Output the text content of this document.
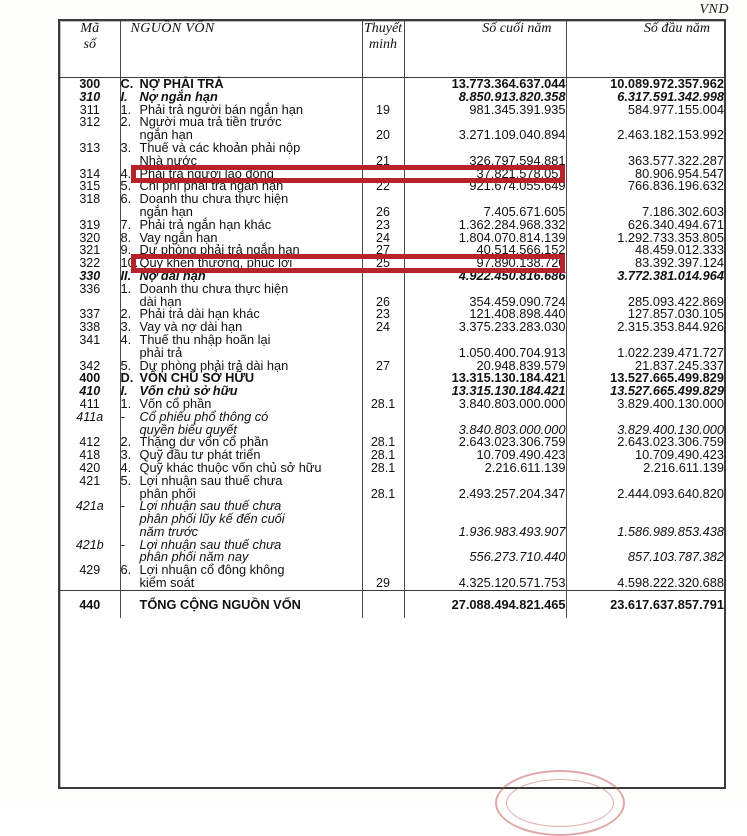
VND
Mã
số	NGUỒN VỐN	Thuyết
minh	Số cuối năm	Số đầu năm
300	C. NỢ PHẢI TRẢ		13.773.364.637.044	10.089.972.357.962
310	I. Nợ ngắn hạn		8.850.913.820.358	6.317.591.342.998
311	1. Phải trả người bán ngắn hạn	19	981.345.391.935	584.977.155.004
312	2. Người mua trả tiền trước			
	ngắn hạn	20	3.271.109.040.894	2.463.182.153.992
313	3. Thuế và các khoản phải nộp			
	Nhà nước	21	326.797.594.881	363.577.322.287
314	4. Phải trả người lao động		37.821.578.051	80.906.954.547
315	5. Chi phí phải trả ngắn hạn	22	921.674.055.649	766.836.196.632
318	6. Doanh thu chưa thực hiện			
	ngắn hạn	26	7.405.671.605	7.186.302.603
319	7. Phải trả ngắn hạn khác	23	1.362.284.968.332	626.340.494.671
320	8. Vay ngắn hạn	24	1.804.070.814.139	1.292.733.353.805
321	9. Dự phòng phải trả ngắn hạn	27	40.514.566.152	48.459.012.333
322	10.Quỹ khen thưởng, phúc lợi	25	97.890.138.720	83.392.397.124
330	II. Nợ dài hạn		4.922.450.816.686	3.772.381.014.964
336	1. Doanh thu chưa thực hiện			
	dài hạn	26	354.459.090.724	285.093.422.869
337	2. Phải trả dài hạn khác	23	121.408.898.440	127.857.030.105
338	3. Vay và nợ dài hạn	24	3.375.233.283.030	2.315.353.844.926
341	4. Thuế thu nhập hoãn lại			
	phải trả		1.050.400.704.913	1.022.239.471.727
342	5. Dự phòng phải trả dài hạn	27	20.948.839.579	21.837.245.337
400	D. VỐN CHỦ SỞ HỮU		13.315.130.184.421	13.527.665.499.829
410	I. Vốn chủ sở hữu		13.315.130.184.421	13.527.665.499.829
411	1. Vốn cổ phần	28.1	3.840.803.000.000	3.829.400.130.000
411a	- Cổ phiếu phổ thông có			
	quyền biểu quyết		3.840.803.000.000	3.829.400.130.000
412	2. Thặng dư vốn cổ phần	28.1	2.643.023.306.759	2.643.023.306.759
418	3. Quỹ đầu tư phát triển	28.1	10.709.490.423	10.709.490.423
420	4. Quỹ khác thuộc vốn chủ sở hữu	28.1	2.216.611.139	2.216.611.139
421	5. Lợi nhuận sau thuế chưa			
	phân phối	28.1	2.493.257.204.347	2.444.093.640.820
421a	- Lợi nhuận sau thuế chưa			
	phân phối lũy kế đến cuối			
	năm trước		1.936.983.493.907	1.586.989.853.438
421b	- Lợi nhuận sau thuế chưa			
	phân phối năm nay		556.273.710.440	857.103.787.382
429	6. Lợi nhuận cổ đông không			
	kiểm soát	29	4.325.120.571.753	4.598.222.320.688
440	TỔNG CỘNG NGUỒN VỐN		27.088.494.821.465	23.617.637.857.791
